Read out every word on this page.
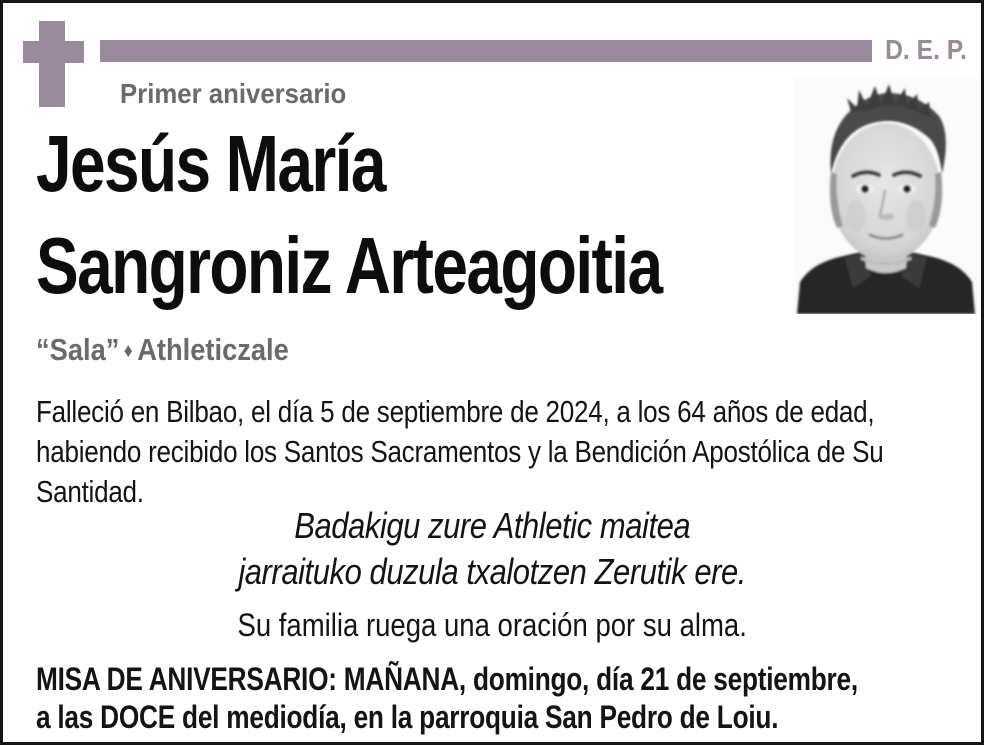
D. E. P.
Primer aniversario
Jesús María
Sangroniz Arteagoitia
“Sala” ♦ Athleticzale
Falleció en Bilbao, el día 5 de septiembre de 2024, a los 64 años de edad,
habiendo recibido los Santos Sacramentos y la Bendición Apostólica de Su
Santidad.
Badakigu zure Athletic maitea
jarraituko duzula txalotzen Zerutik ere.
Su familia ruega una oración por su alma.
MISA DE ANIVERSARIO: MAÑANA, domingo, día 21 de septiembre,
a las DOCE del mediodía, en la parroquia San Pedro de Loiu.
